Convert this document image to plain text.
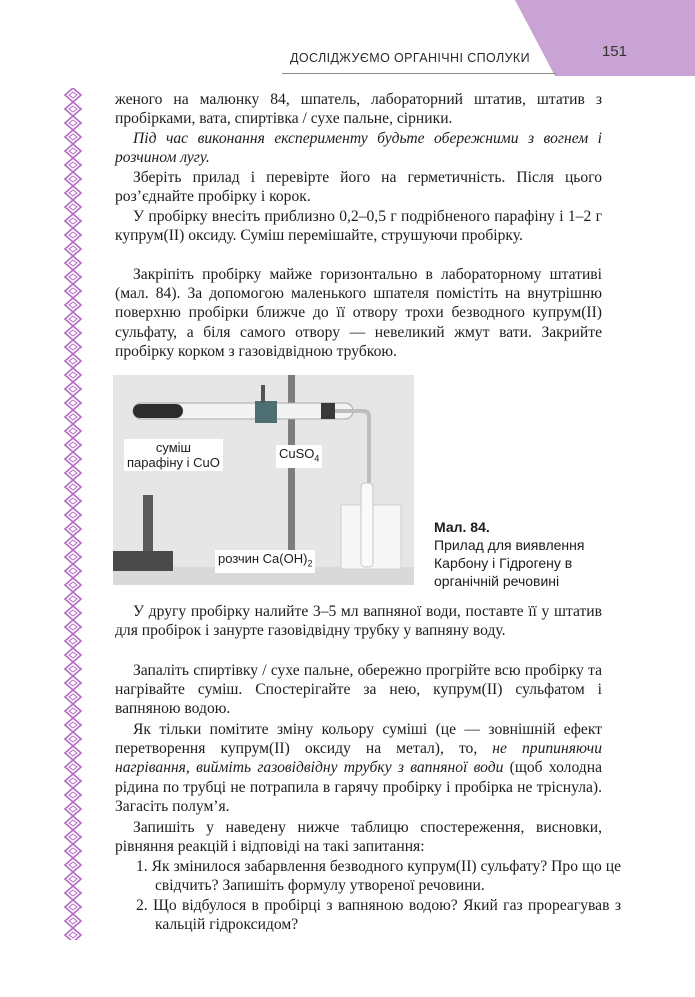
151
ДОСЛІДЖУЄМО ОРГАНІЧНІ СПОЛУКИ

женого на малюнку 84, шпатель, лабораторний штатив, штатив з пробірками, вата, спиртівка / сухе пальне, сірники.

Під час виконання експерименту будьте обережними з вогнем і розчином лугу.

Зберіть прилад і перевірте його на герметичність. Після цього роз’єднайте пробірку і корок.

У пробірку внесіть приблизно 0,2–0,5 г подрібненого парафіну і 1–2 г купрум(ІІ) оксиду. Суміш перемішайте, струшуючи пробірку.

Закріпіть пробірку майже горизонтально в лабораторному штативі (мал. 84). За допомогою маленького шпателя помістіть на внутрішню поверхню пробірки ближче до її отвору трохи безводного купрум(ІІ) сульфату, а біля самого отвору — невеликий жмут вати. Закрийте пробірку корком з газовідвідною трубкою.

суміш
парафіну і CuO
CuSO$_4$
розчин $Ca(OH)_2$
Мал. 84.
Прилад для виявлення Карбону і Гідрогену в органічній речовині

У другу пробірку налийте 3–5 мл вапняної води, поставте її у штатив для пробірок і занурте газовідвідну трубку у вапняну воду.

Запаліть спиртівку / сухе пальне, обережно прогрійте всю пробірку та нагрівайте суміш. Спостерігайте за нею, купрум(ІІ) сульфатом і вапняною водою.

Як тільки помітите зміну кольору суміші (це — зовнішній ефект перетворення купрум(ІІ) оксиду на метал), то, не припиняючи нагрівання, вийміть газовідвідну трубку з вапняної води (щоб холодна рідина по трубці не потрапила в гарячу пробірку і пробірка не тріснула). Загасіть полум’я.

Запишіть у наведену нижче таблицю спостереження, висновки, рівняння реакцій і відповіді на такі запитання:

1. Як змінилося забарвлення безводного купрум(ІІ) сульфату? Про що це свідчить? Запишіть формулу утвореної речовини.

2. Що відбулося в пробірці з вапняною водою? Який газ прореагував з кальцій гідроксидом?
